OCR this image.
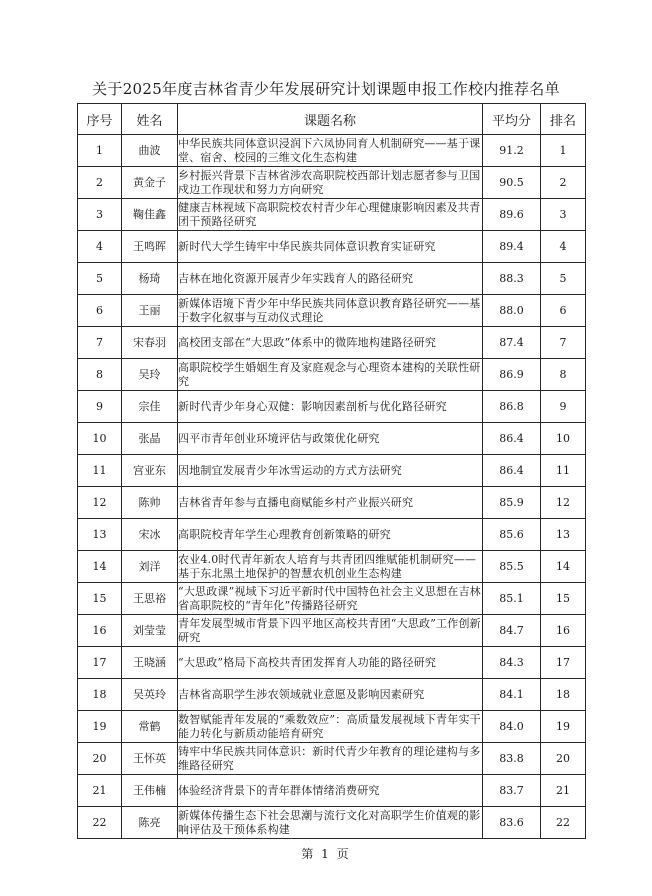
关于2025年度吉林省青少年发展研究计划课题申报工作校内推荐名单
序号	姓名	课题名称	平均分	排名
1	曲波	中华民族共同体意识浸润下六凤协同育人机制研究——基于课堂、宿舍、校园的三维文化生态构建	91.2	1
2	黄金子	乡村振兴背景下吉林省涉农高职院校西部计划志愿者参与卫国戍边工作现状和努力方向研究	90.5	2
3	鞠佳鑫	健康吉林视域下高职院校农村青少年心理健康影响因素及共青团干预路径研究	89.6	3
4	王鸣晖	新时代大学生铸牢中华民族共同体意识教育实证研究	89.4	4
5	杨琦	吉林在地化资源开展青少年实践育人的路径研究	88.3	5
6	王丽	新媒体语境下青少年中华民族共同体意识教育路径研究——基于数字化叙事与互动仪式理论	88.0	6
7	宋春羽	高校团支部在“大思政”体系中的微阵地构建路径研究	87.4	7
8	吴玲	高职院校学生婚姻生育及家庭观念与心理资本建构的关联性研究	86.9	8
9	宗佳	新时代青少年身心双健：影响因素剖析与优化路径研究	86.8	9
10	张晶	四平市青年创业环境评估与政策优化研究	86.4	10
11	宫亚东	因地制宜发展青少年冰雪运动的方式方法研究	86.4	11
12	陈帅	吉林省青年参与直播电商赋能乡村产业振兴研究	85.9	12
13	宋冰	高职院校青年学生心理教育创新策略的研究	85.6	13
14	刘洋	农业4.0时代青年新农人培育与共青团四维赋能机制研究——基于东北黑土地保护的智慧农机创业生态构建	85.5	14
15	王思裕	“大思政课”视域下习近平新时代中国特色社会主义思想在吉林省高职院校的“青年化”传播路径研究	85.1	15
16	刘莹莹	青年发展型城市背景下四平地区高校共青团“大思政”工作创新研究	84.7	16
17	王晓涵	“大思政”格局下高校共青团发挥育人功能的路径研究	84.3	17
18	吴英玲	吉林省高职学生涉农领域就业意愿及影响因素研究	84.1	18
19	常鹤	数智赋能青年发展的“乘数效应”：高质量发展视域下青年实干能力转化与新质动能培育研究	84.0	19
20	王怀英	铸牢中华民族共同体意识：新时代青少年教育的理论建构与多维路径研究	83.8	20
21	王伟楠	体验经济背景下的青年群体情绪消费研究	83.7	21
22	陈亮	新媒体传播生态下社会思潮与流行文化对高职学生价值观的影响评估及干预体系构建	83.6	22
第 1 页
